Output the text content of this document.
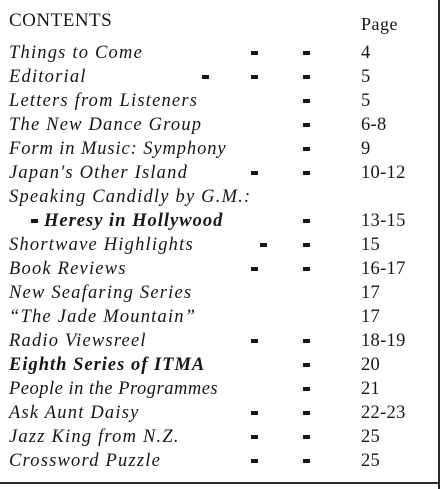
CONTENTS	Page
Things to Come	4
Editorial	5
Letters from Listeners	5
The New Dance Group	6-8
Form in Music: Symphony	9
Japan's Other Island	10-12
Speaking Candidly by G.M.:
Heresy in Hollywood	13-15
Shortwave Highlights	15
Book Reviews	16-17
New Seafaring Series	17
“The Jade Mountain”	17
Radio Viewsreel	18-19
Eighth Series of ITMA	20
People in the Programmes	21
Ask Aunt Daisy	22-23
Jazz King from N.Z.	25
Crossword Puzzle	25
